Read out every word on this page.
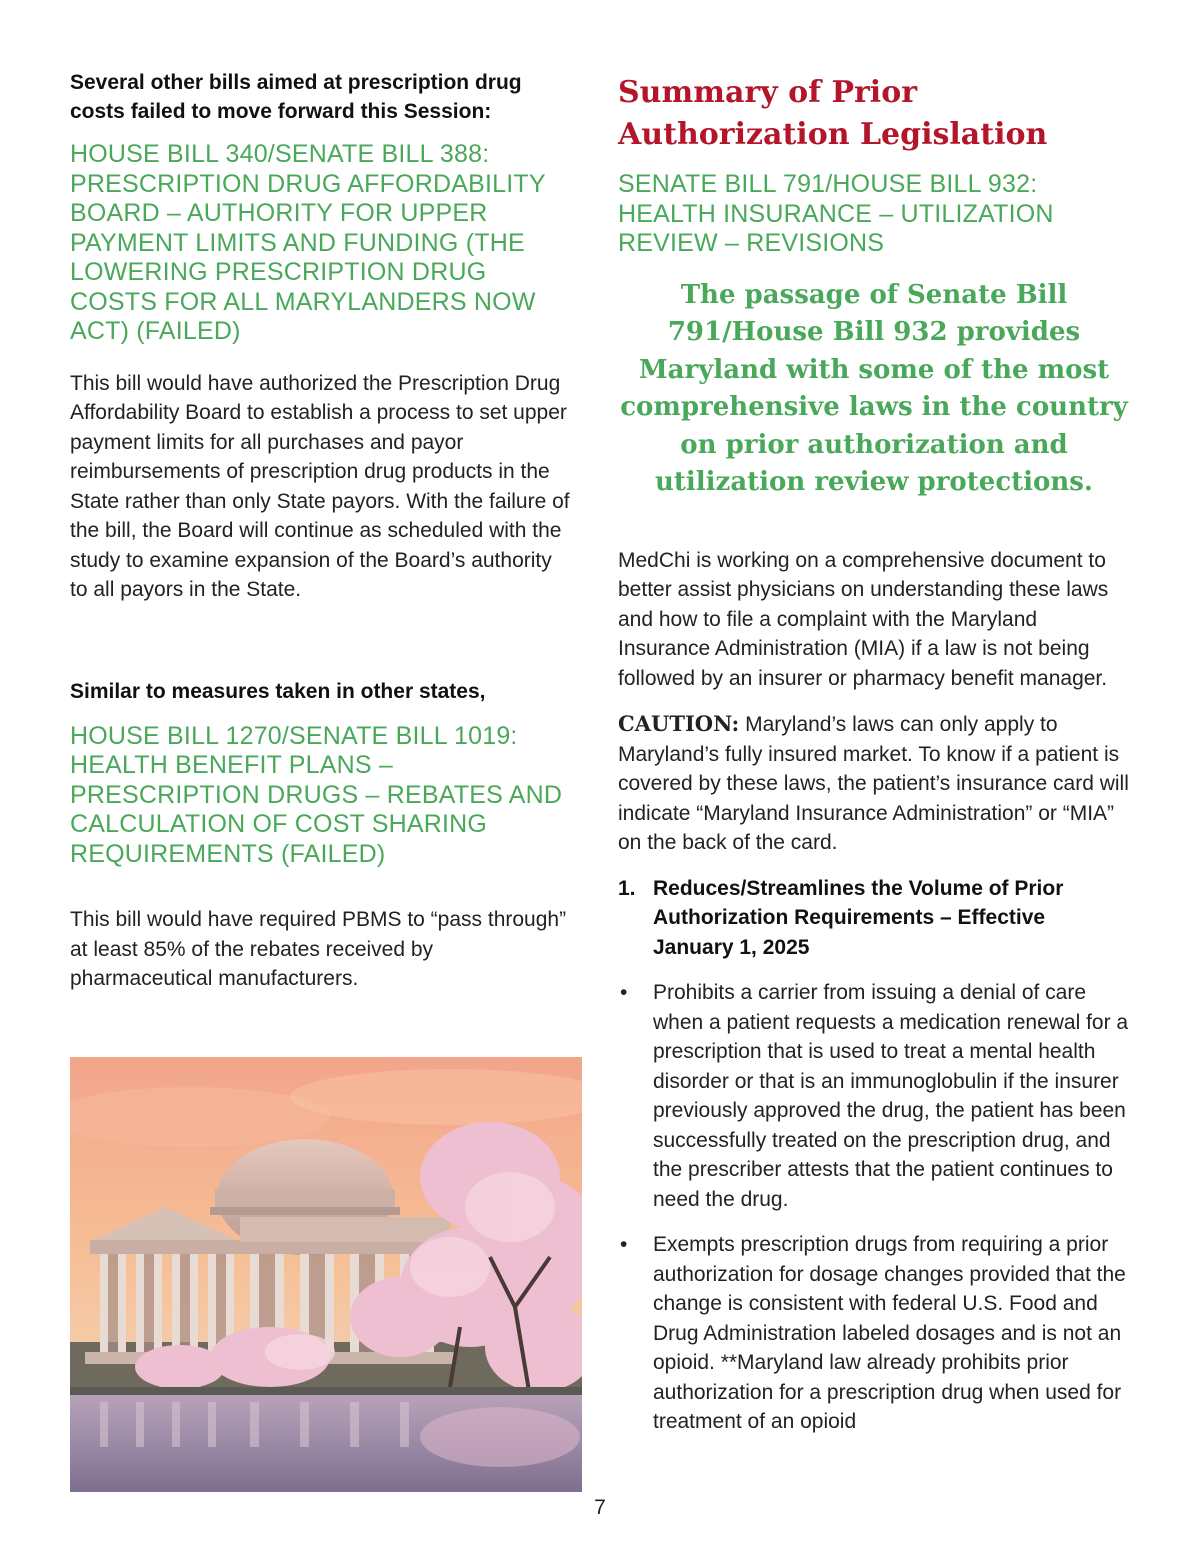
Several other bills aimed at prescription drug costs failed to move forward this Session:

HOUSE BILL 340/SENATE BILL 388: PRESCRIPTION DRUG AFFORDABILITY BOARD – AUTHORITY FOR UPPER PAYMENT LIMITS AND FUNDING (THE LOWERING PRESCRIPTION DRUG COSTS FOR ALL MARYLANDERS NOW ACT) (FAILED)

This bill would have authorized the Prescription Drug Affordability Board to establish a process to set upper payment limits for all purchases and payor reimbursements of prescription drug products in the State rather than only State payors. With the failure of the bill, the Board will continue as scheduled with the study to examine expansion of the Board’s authority to all payors in the State.

Similar to measures taken in other states,

HOUSE BILL 1270/SENATE BILL 1019: HEALTH BENEFIT PLANS – PRESCRIPTION DRUGS – REBATES AND CALCULATION OF COST SHARING REQUIREMENTS (FAILED)

This bill would have required PBMS to “pass through” at least 85% of the rebates received by pharmaceutical manufacturers.

Summary of Prior Authorization Legislation

SENATE BILL 791/HOUSE BILL 932: HEALTH INSURANCE – UTILIZATION REVIEW – REVISIONS

The passage of Senate Bill 791/House Bill 932 provides Maryland with some of the most comprehensive laws in the country on prior authorization and utilization review protections.

MedChi is working on a comprehensive document to better assist physicians on understanding these laws and how to file a complaint with the Maryland Insurance Administration (MIA) if a law is not being followed by an insurer or pharmacy benefit manager.

CAUTION: Maryland’s laws can only apply to Maryland’s fully insured market. To know if a patient is covered by these laws, the patient’s insurance card will indicate “Maryland Insurance Administration” or “MIA” on the back of the card.

1. Reduces/Streamlines the Volume of Prior Authorization Requirements – Effective January 1, 2025
•	Prohibits a carrier from issuing a denial of care when a patient requests a medication renewal for a prescription that is used to treat a mental health disorder or that is an immunoglobulin if the insurer previously approved the drug, the patient has been successfully treated on the prescription drug, and the prescriber attests that the patient continues to need the drug.
•	Exempts prescription drugs from requiring a prior authorization for dosage changes provided that the change is consistent with federal U.S. Food and Drug Administration labeled dosages and is not an opioid. **Maryland law already prohibits prior authorization for a prescription drug when used for treatment of an opioid
7
